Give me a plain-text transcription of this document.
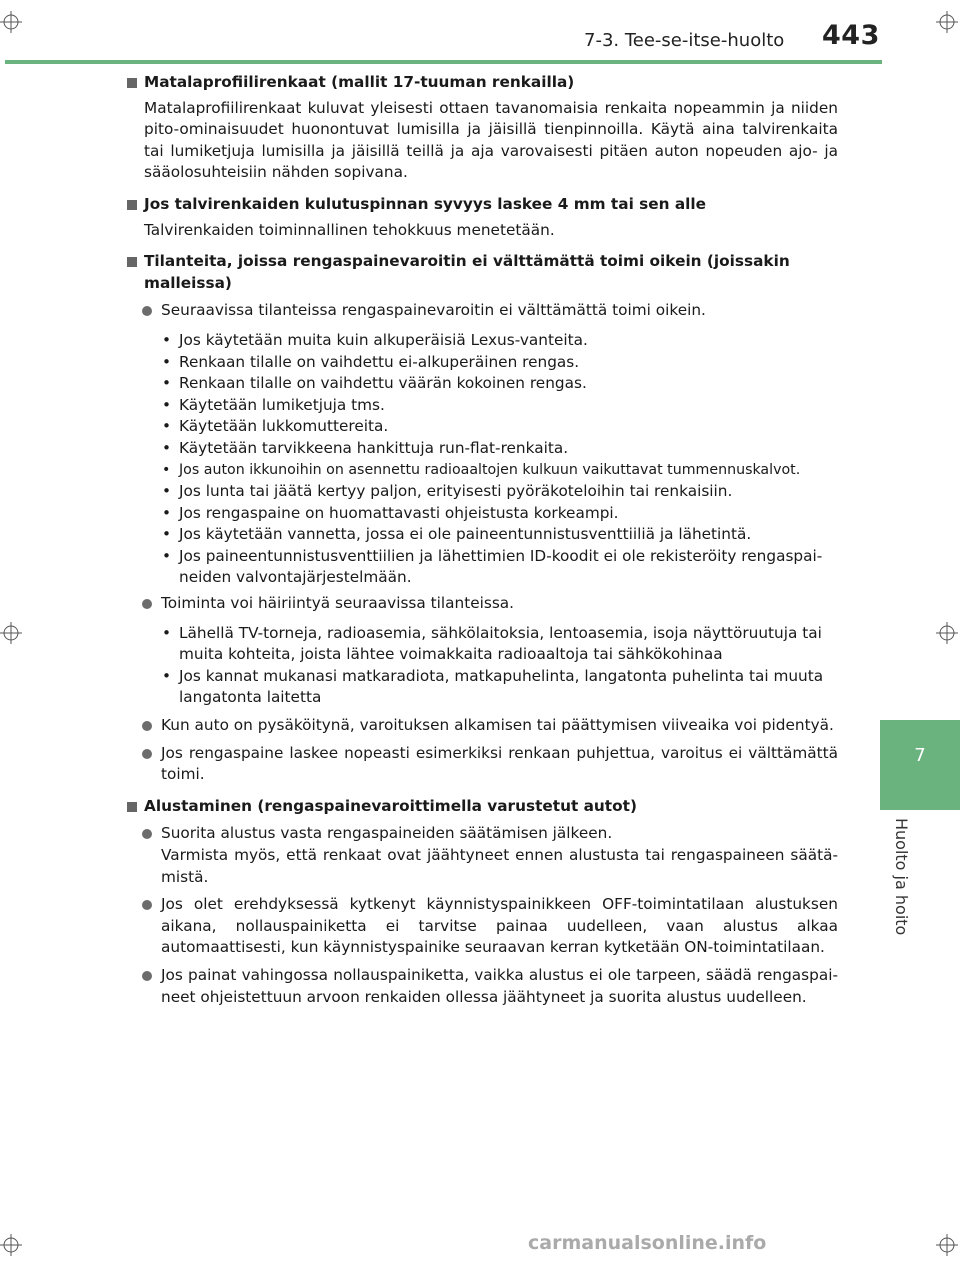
7-3. Tee-se-itse-huolto 443
7
Huolto ja hoito

Matalaprofiilirenkaat (mallit 17-tuuman renkailla)

Matalaprofiilirenkaat kuluvat yleisesti ottaen tavanomaisia renkaita nopeammin ja niiden pito-ominaisuudet huonontuvat lumisilla ja jäisillä tienpinnoilla. Käytä aina talvirenkaita tai lumiketjuja lumisilla ja jäisillä teillä ja aja varovaisesti pitäen auton nopeuden ajo- ja sääolosuhteisiin nähden sopivana.

Jos talvirenkaiden kulutuspinnan syvyys laskee 4 mm tai sen alle

Talvirenkaiden toiminnallinen tehokkuus menetetään.

Tilanteita, joissa rengaspainevaroitin ei välttämättä toimi oikein (joissakin malleissa)

Seuraavissa tilanteissa rengaspainevaroitin ei välttämättä toimi oikein.

• Jos käytetään muita kuin alkuperäisiä Lexus-vanteita.
• Renkaan tilalle on vaihdettu ei-alkuperäinen rengas.
• Renkaan tilalle on vaihdettu väärän kokoinen rengas.
• Käytetään lumiketjuja tms.
• Käytetään lukkomuttereita.
• Käytetään tarvikkeena hankittuja run-flat-renkaita.
• Jos auton ikkunoihin on asennettu radioaaltojen kulkuun vaikuttavat tummennuskalvot.
• Jos lunta tai jäätä kertyy paljon, erityisesti pyöräkoteloihin tai renkaisiin.
• Jos rengaspaine on huomattavasti ohjeistusta korkeampi.
• Jos käytetään vannetta, jossa ei ole paineentunnistusventtiiliä ja lähetintä.
• Jos paineentunnistusventtiilien ja lähettimien ID-koodit ei ole rekisteröity rengaspai-neiden valvontajärjestelmään.

Toiminta voi häiriintyä seuraavissa tilanteissa.

• Lähellä TV-torneja, radioasemia, sähkölaitoksia, lentoasemia, isoja näyttöruutuja tai muita kohteita, joista lähtee voimakkaita radioaaltoja tai sähkökohinaa
• Jos kannat mukanasi matkaradiota, matkapuhelinta, langatonta puhelinta tai muuta langatonta laitetta

Kun auto on pysäköitynä, varoituksen alkamisen tai päättymisen viiveaika voi pidentyä.

Jos rengaspaine laskee nopeasti esimerkiksi renkaan puhjettua, varoitus ei välttämättä toimi.

Alustaminen (rengaspainevaroittimella varustetut autot)

Suorita alustus vasta rengaspaineiden säätämisen jälkeen.
Varmista myös, että renkaat ovat jäähtyneet ennen alustusta tai rengaspaineen säätä-mistä.

Jos olet erehdyksessä kytkenyt käynnistyspainikkeen OFF-toimintatilaan alustuksen aikana, nollauspainiketta ei tarvitse painaa uudelleen, vaan alustus alkaa automaattisesti, kun käynnistyspainike seuraavan kerran kytketään ON-toimintatilaan.

Jos painat vahingossa nollauspainiketta, vaikka alustus ei ole tarpeen, säädä rengaspai-neet ohjeistettuun arvoon renkaiden ollessa jäähtyneet ja suorita alustus uudelleen.

carmanualsonline.info
